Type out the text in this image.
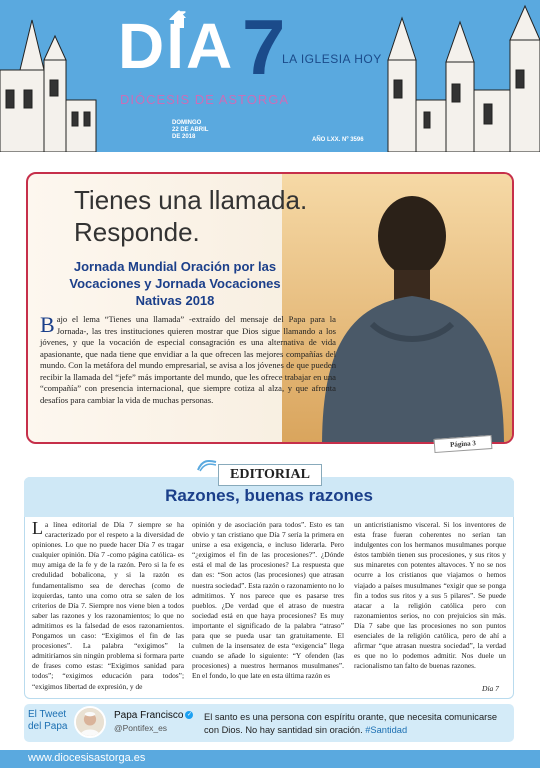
DÍA 7
LA IGLESIA HOY
DIÓCESIS DE ASTORGA
DOMINGO
22 DE ABRIL
DE 2018	AÑO LXX. Nº 3596
Tienes una llamada.
Responde.
Jornada Mundial Oración por las Vocaciones y Jornada Vocaciones Nativas 2018
Bajo el lema “Tienes una llamada” -extraído del mensaje del Papa para la Jornada-, las tres instituciones quieren mostrar que Dios sigue llamando a los jóvenes, y que la vocación de especial consagración es una alternativa de vida apasionante, que nada tiene que envidiar a la que ofrecen las mejores compañías del mundo. Con la metáfora del mundo empresarial, se avisa a los jóvenes de que pueden recibir la llamada del “jefe” más importante del mundo, que les ofrece trabajar en una “compañía” con presencia internacional, que siempre cotiza al alza, y que afronta desafíos para cambiar la vida de muchas personas.
Página 3
EDITORIAL
Razones, buenas razones
La línea editorial de Día 7 siempre se ha caracterizado por el respeto a la diversidad de opiniones. Lo que no puede hacer Día 7 es tragar cualquier opinión. Día 7 -como página católica- es muy amiga de la fe y de la razón. Pero si la fe es credulidad bobalicona, y si la razón es fundamentalismo sea de derechas (como de izquierdas, tanto una como otra se salen de los criterios de Día 7. Siempre nos viene bien a todos saber las razones y los razonamientos; lo que no admitimos es la falsedad de esos razonamientos. Pongamos un caso: “Exigimos el fin de las procesiones”. La palabra “exigimos” la admitiríamos sin ningún problema si formara parte de frases como estas: “Exigimos sanidad para todos”; “exigimos educación para todos”; “exigimos libertad de expresión, y de
opinión y de asociación para todos”. Esto es tan obvio y tan cristiano que Día 7 sería la primera en unirse a esa exigencia, e incluso liderarla. Pero “¿exigimos el fin de las procesiones?”. ¿Dónde está el mal de las procesiones? La respuesta que dan es: “Son actos (las procesiones) que atrasan nuestra sociedad”. Esta razón o razonamiento no lo admitimos. Y nos parece que es pasarse tres pueblos. ¿De verdad que el atraso de nuestra sociedad está en que haya procesiones? Es muy importante el significado de la palabra “atraso” para que se pueda usar tan gratuitamente. El culmen de la insensatez de esta “exigencia” llega cuando se añade lo siguiente: “Y ofenden (las procesiones) a nuestros hermanos musulmanes”. En el fondo, lo que late en esta última razón es
un anticristianismo visceral. Si los inventores de esta frase fueran coherentes no serían tan indulgentes con los hermanos musulmanes porque éstos también tienen sus procesiones, y sus ritos y sus minaretes con potentes altavoces. Y no se nos ocurre a los cristianos que viajamos o hemos viajado a países musulmanes “exigir que se ponga fin a todos sus ritos y a sus 5 pilares”. Se puede atacar a la religión católica pero con razonamientos serios, no con prejuicios sin más. Día 7 sabe que las procesiones no son puntos esenciales de la religión católica, pero de ahí a afirmar “que atrasan nuestra sociedad”, la verdad es que no lo podemos admitir. Nos duele un racionalismo tan falto de buenas razones.
Día 7
El Tweet
del Papa
Papa Francisco ✓
@Pontifex_es
El santo es una persona con espíritu orante, que necesita comunicarse con Dios. No hay santidad sin oración. #Santidad
www.diocesisastorga.es
